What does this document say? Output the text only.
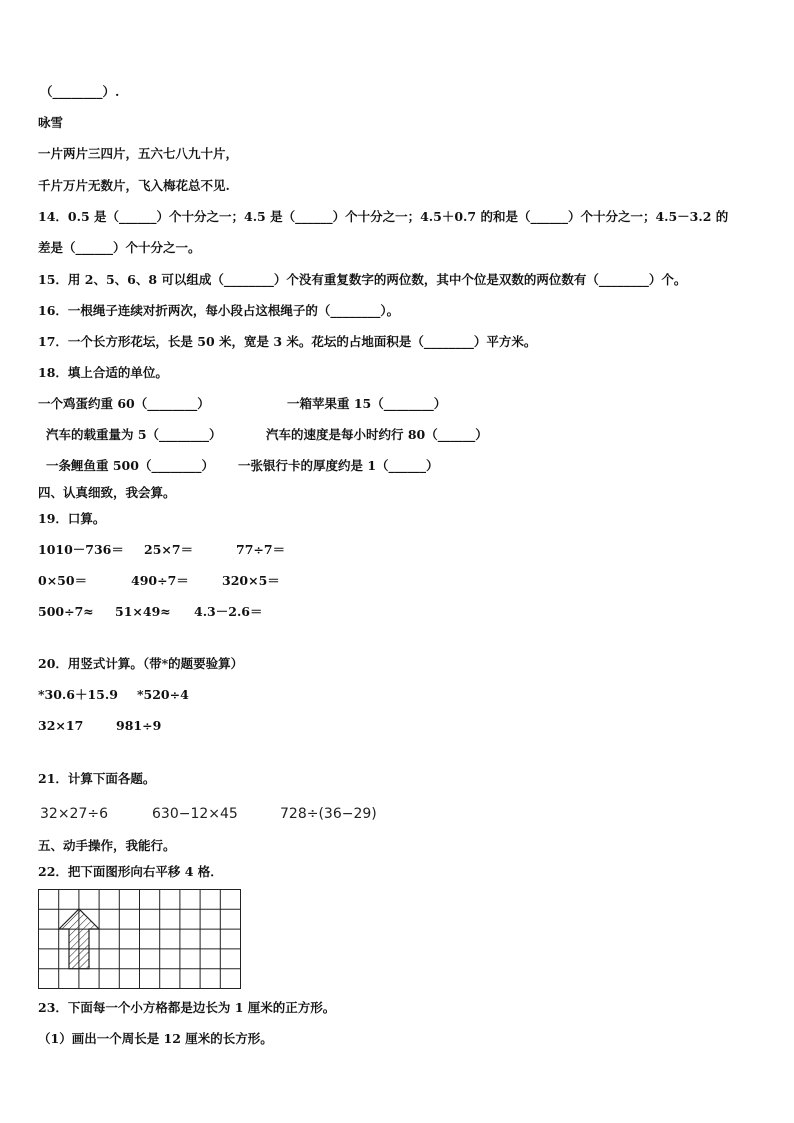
（________）.
咏雪
一片两片三四片，五六七八九十片，
千片万片无数片，飞入梅花总不见.
14．0.5 是（______）个十分之一；4.5 是（______）个十分之一；4.5＋0.7 的和是（______）个十分之一；4.5－3.2 的
差是（______）个十分之一。
15．用 2、5、6、8 可以组成（________）个没有重复数字的两位数，其中个位是双数的两位数有（________）个。
16．一根绳子连续对折两次，每小段占这根绳子的（________）。
17．一个长方形花坛，长是 50 米，宽是 3 米。花坛的占地面积是（________）平方米。
18．填上合适的单位。
一个鸡蛋约重 60（________）	一箱苹果重 15（________）
汽车的载重量为 5（________）	汽车的速度是每小时约行 80（______）
一条鲤鱼重 500（________） 一张银行卡的厚度约是 1（______）
四、认真细致，我会算。
19．口算。
1010－736＝ 25×7＝	77÷7＝
0×50＝	490÷7＝	320×5＝
500÷7≈ 51×49≈ 4.3－2.6＝
20．用竖式计算。（带*的题要验算）
*30.6＋15.9 *520÷4
32×17	981÷9
21．计算下面各题。
32×27÷6	630−12×45	728÷(36−29)
五、动手操作，我能行。
22．把下面图形向右平移 4 格．
23．下面每一个小方格都是边长为 1 厘米的正方形。
（1）画出一个周长是 12 厘米的长方形。
